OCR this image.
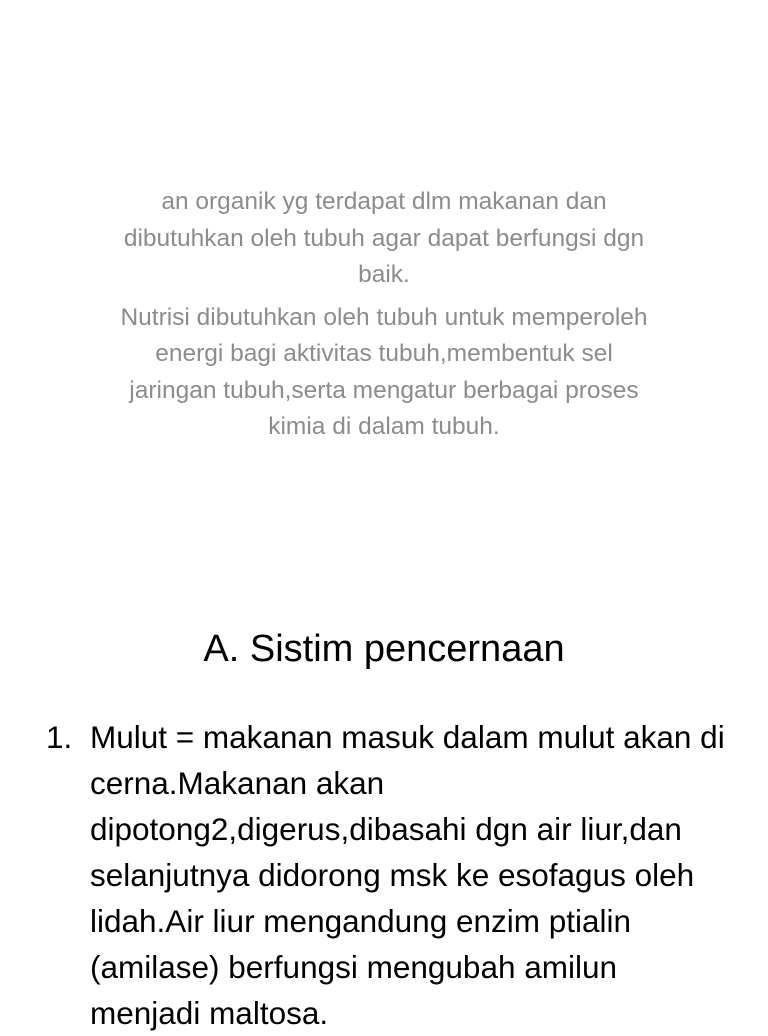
an organik yg terdapat dlm makanan dan dibutuhkan oleh tubuh agar dapat berfungsi dgn baik.

Nutrisi dibutuhkan oleh tubuh untuk memperoleh energi bagi aktivitas tubuh,membentuk sel jaringan tubuh,serta mengatur berbagai proses kimia di dalam tubuh.

A. Sistim pencernaan
1. Mulut = makanan masuk dalam mulut akan di cerna.Makanan akan dipotong2,digerus,dibasahi dgn air liur,dan selanjutnya didorong msk ke esofagus oleh lidah.Air liur mengandung enzim ptialin (amilase) berfungsi mengubah amilun menjadi maltosa.
